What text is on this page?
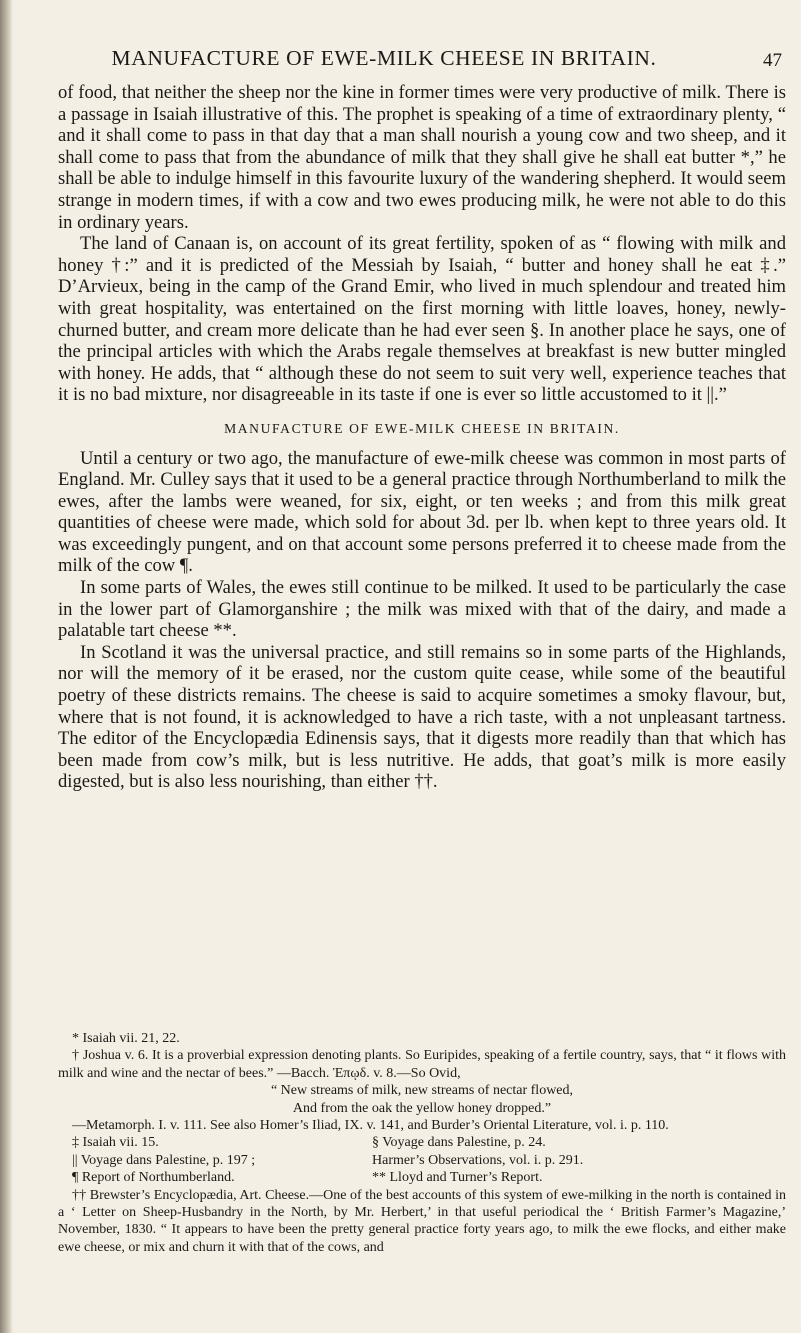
MANUFACTURE OF EWE-MILK CHEESE IN BRITAIN.	47

of food, that neither the sheep nor the kine in former times were very productive of milk. There is a passage in Isaiah illustrative of this. The prophet is speaking of a time of extraordinary plenty, “ and it shall come to pass in that day that a man shall nourish a young cow and two sheep, and it shall come to pass that from the abundance of milk that they shall give he shall eat butter *,” he shall be able to indulge himself in this favourite luxury of the wandering shepherd. It would seem strange in modern times, if with a cow and two ewes producing milk, he were not able to do this in ordinary years.

The land of Canaan is, on account of its great fertility, spoken of as “ flowing with milk and honey †:” and it is predicted of the Messiah by Isaiah, “ butter and honey shall he eat ‡.” D’Arvieux, being in the camp of the Grand Emir, who lived in much splendour and treated him with great hospitality, was entertained on the first morning with little loaves, honey, newly-churned butter, and cream more delicate than he had ever seen §. In another place he says, one of the principal articles with which the Arabs regale themselves at breakfast is new butter mingled with honey. He adds, that “ although these do not seem to suit very well, experience teaches that it is no bad mixture, nor disagreeable in its taste if one is ever so little accustomed to it ||.”

MANUFACTURE OF EWE-MILK CHEESE IN BRITAIN.

Until a century or two ago, the manufacture of ewe-milk cheese was common in most parts of England. Mr. Culley says that it used to be a general practice through Northumberland to milk the ewes, after the lambs were weaned, for six, eight, or ten weeks ; and from this milk great quantities of cheese were made, which sold for about 3d. per lb. when kept to three years old. It was exceedingly pungent, and on that account some persons preferred it to cheese made from the milk of the cow ¶.

In some parts of Wales, the ewes still continue to be milked. It used to be particularly the case in the lower part of Glamorganshire ; the milk was mixed with that of the dairy, and made a palatable tart cheese **.

In Scotland it was the universal practice, and still remains so in some parts of the Highlands, nor will the memory of it be erased, nor the custom quite cease, while some of the beautiful poetry of these districts remains. The cheese is said to acquire sometimes a smoky flavour, but, where that is not found, it is acknowledged to have a rich taste, with a not unpleasant tartness. The editor of the Encyclopædia Edinensis says, that it digests more readily than that which has been made from cow’s milk, but is less nutritive. He adds, that goat’s milk is more easily digested, but is also less nourishing, than either ††.

* Isaiah vii. 21, 22.

† Joshua v. 6. It is a proverbial expression denoting plants. So Euripides, speaking of a fertile country, says, that “ it flows with milk and wine and the nectar of bees.” —Bacch. Ἐπῳδ. v. 8.—So Ovid,

“ New streams of milk, new streams of nectar flowed,

And from the oak the yellow honey dropped.”

—Metamorph. I. v. 111. See also Homer’s Iliad, IX. v. 141, and Burder’s Oriental Literature, vol. i. p. 110.

‡ Isaiah vii. 15.	§ Voyage dans Palestine, p. 24.

|| Voyage dans Palestine, p. 197 ;	Harmer’s Observations, vol. i. p. 291.

¶ Report of Northumberland.	** Lloyd and Turner’s Report.

†† Brewster’s Encyclopædia, Art. Cheese.—One of the best accounts of this system of ewe-milking in the north is contained in a ‘ Letter on Sheep-Husbandry in the North, by Mr. Herbert,’ in that useful periodical the ‘ British Farmer’s Magazine,’ November, 1830. “ It appears to have been the pretty general practice forty years ago, to milk the ewe flocks, and either make ewe cheese, or mix and churn it with that of the cows, and
